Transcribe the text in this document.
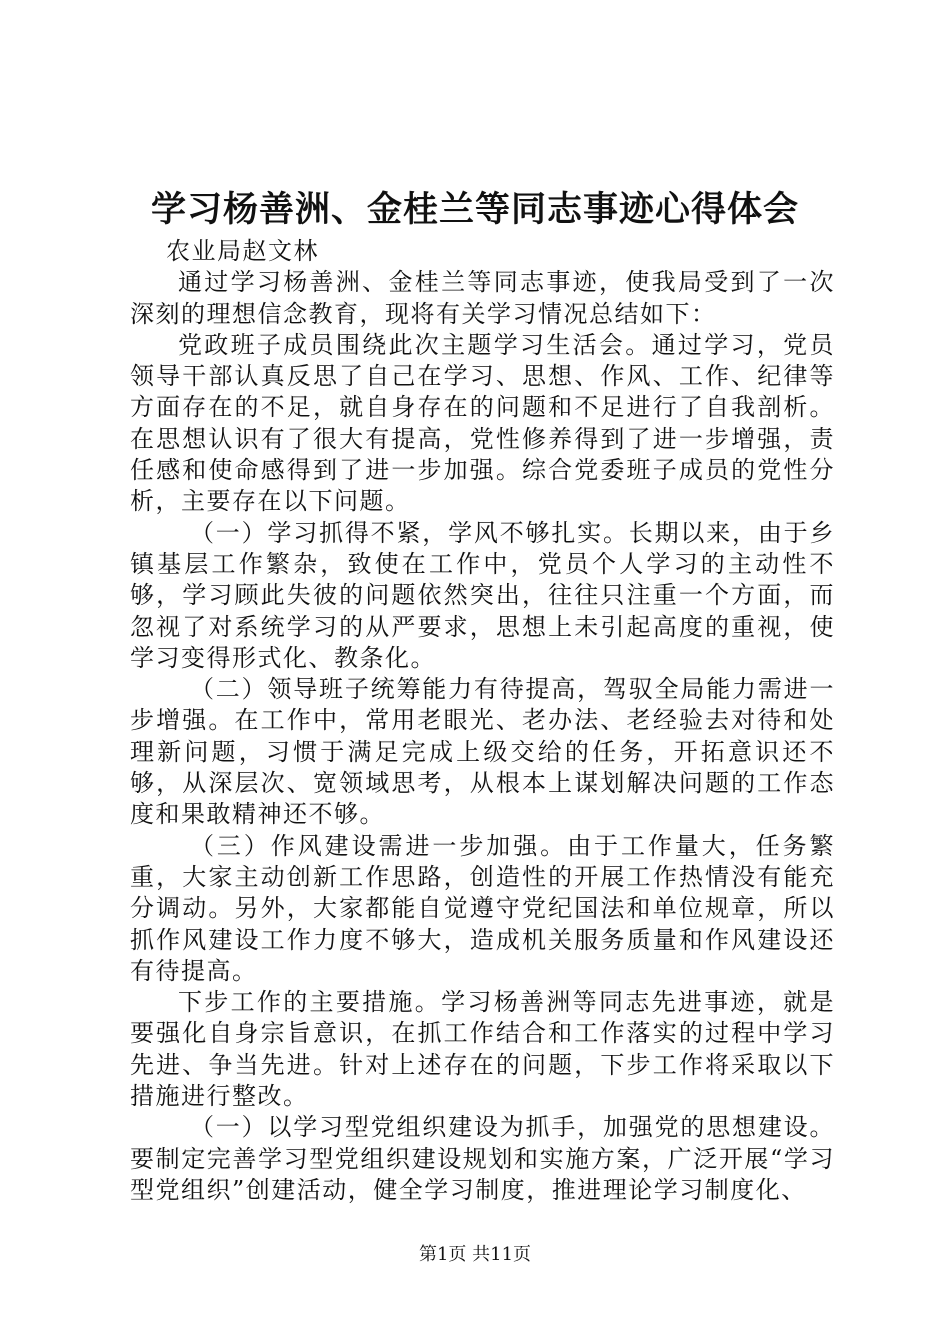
学习杨善洲、金桂兰等同志事迹心得体会

农业局赵文林

通过学习杨善洲、金桂兰等同志事迹，使我局受到了一次深刻的理想信念教育，现将有关学习情况总结如下：

党政班子成员围绕此次主题学习生活会。通过学习，党员领导干部认真反思了自己在学习、思想、作风、工作、纪律等方面存在的不足，就自身存在的问题和不足进行了自我剖析。在思想认识有了很大有提高，党性修养得到了进一步增强，责任感和使命感得到了进一步加强。综合党委班子成员的党性分析，主要存在以下问题。

（一）学习抓得不紧，学风不够扎实。长期以来，由于乡镇基层工作繁杂，致使在工作中，党员个人学习的主动性不够，学习顾此失彼的问题依然突出，往往只注重一个方面，而忽视了对系统学习的从严要求，思想上未引起高度的重视，使学习变得形式化、教条化。

（二）领导班子统筹能力有待提高，驾驭全局能力需进一步增强。在工作中，常用老眼光、老办法、老经验去对待和处理新问题，习惯于满足完成上级交给的任务，开拓意识还不够，从深层次、宽领域思考，从根本上谋划解决问题的工作态度和果敢精神还不够。

（三）作风建设需进一步加强。由于工作量大，任务繁重，大家主动创新工作思路，创造性的开展工作热情没有能充分调动。另外，大家都能自觉遵守党纪国法和单位规章，所以抓作风建设工作力度不够大，造成机关服务质量和作风建设还有待提高。

下步工作的主要措施。学习杨善洲等同志先进事迹，就是要强化自身宗旨意识，在抓工作结合和工作落实的过程中学习先进、争当先进。针对上述存在的问题，下步工作将采取以下措施进行整改。

（一）以学习型党组织建设为抓手，加强党的思想建设。要制定完善学习型党组织建设规划和实施方案，广泛开展“学习型党组织”创建活动，健全学习制度，推进理论学习制度化、

第1页 共11页
